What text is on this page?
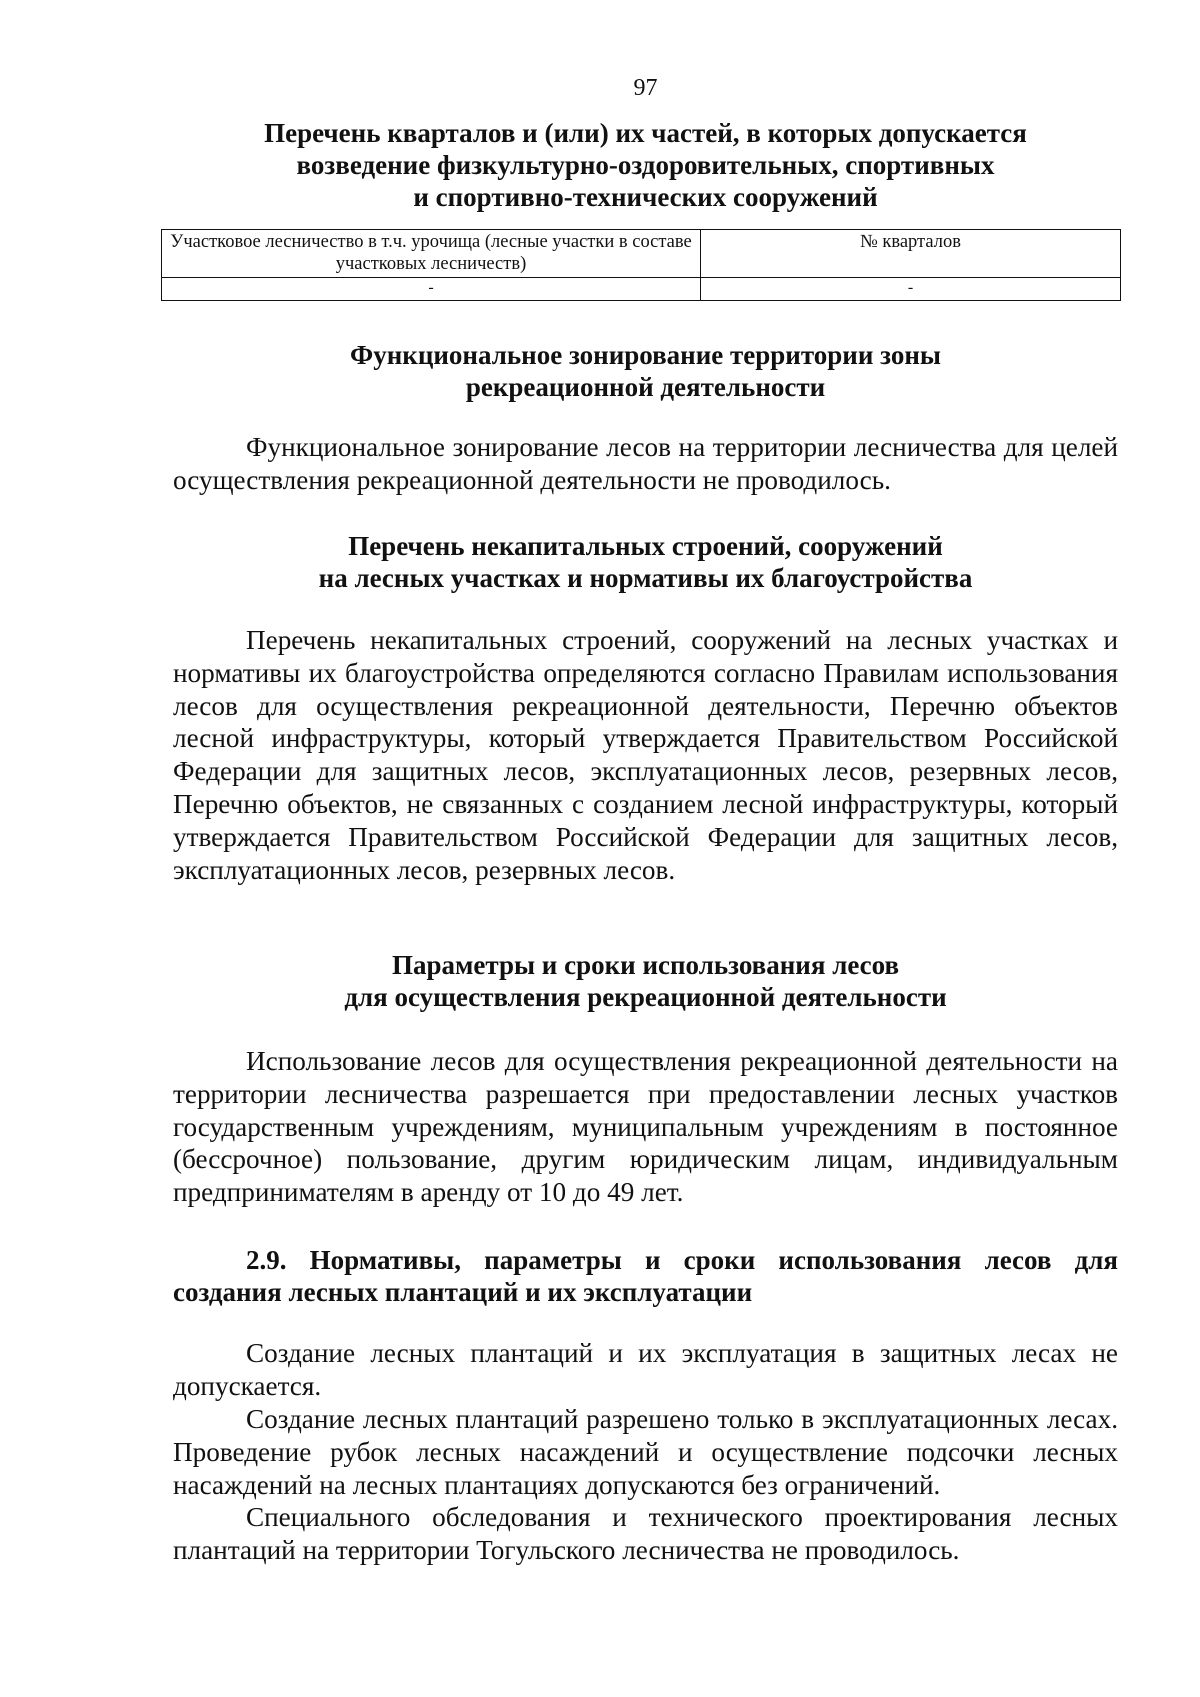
97
Перечень кварталов и (или) их частей, в которых допускается
возведение физкультурно-оздоровительных, спортивных
и спортивно-технических сооружений
Участковое лесничество в т.ч. урочища (лесные участки в составе участковых лесничеств)	№ кварталов
-	-
Функциональное зонирование территории зоны
рекреационной деятельности
Функциональное зонирование лесов на территории лесничества для целей осуществления рекреационной деятельности не проводилось.
Перечень некапитальных строений, сооружений
на лесных участках и нормативы их благоустройства
Перечень некапитальных строений, сооружений на лесных участках и нормативы их благоустройства определяются согласно Правилам использования лесов для осуществления рекреационной деятельности, Перечню объектов лесной инфраструктуры, который утверждается Правительством Российской Федерации для защитных лесов, эксплуатационных лесов, резервных лесов, Перечню объектов, не связанных с созданием лесной инфраструктуры, который утверждается Правительством Российской Федерации для защитных лесов, эксплуатационных лесов, резервных лесов.
Параметры и сроки использования лесов
для осуществления рекреационной деятельности
Использование лесов для осуществления рекреационной деятельности на территории лесничества разрешается при предоставлении лесных участков государственным учреждениям, муниципальным учреждениям в постоянное (бессрочное) пользование, другим юридическим лицам, индивидуальным предпринимателям в аренду от 10 до 49 лет.
2.9. Нормативы, параметры и сроки использования лесов для создания лесных плантаций и их эксплуатации
Создание лесных плантаций и их эксплуатация в защитных лесах не допускается.
Создание лесных плантаций разрешено только в эксплуатационных лесах. Проведение рубок лесных насаждений и осуществление подсочки лесных насаждений на лесных плантациях допускаются без ограничений.
Специального обследования и технического проектирования лесных плантаций на территории Тогульского лесничества не проводилось.
